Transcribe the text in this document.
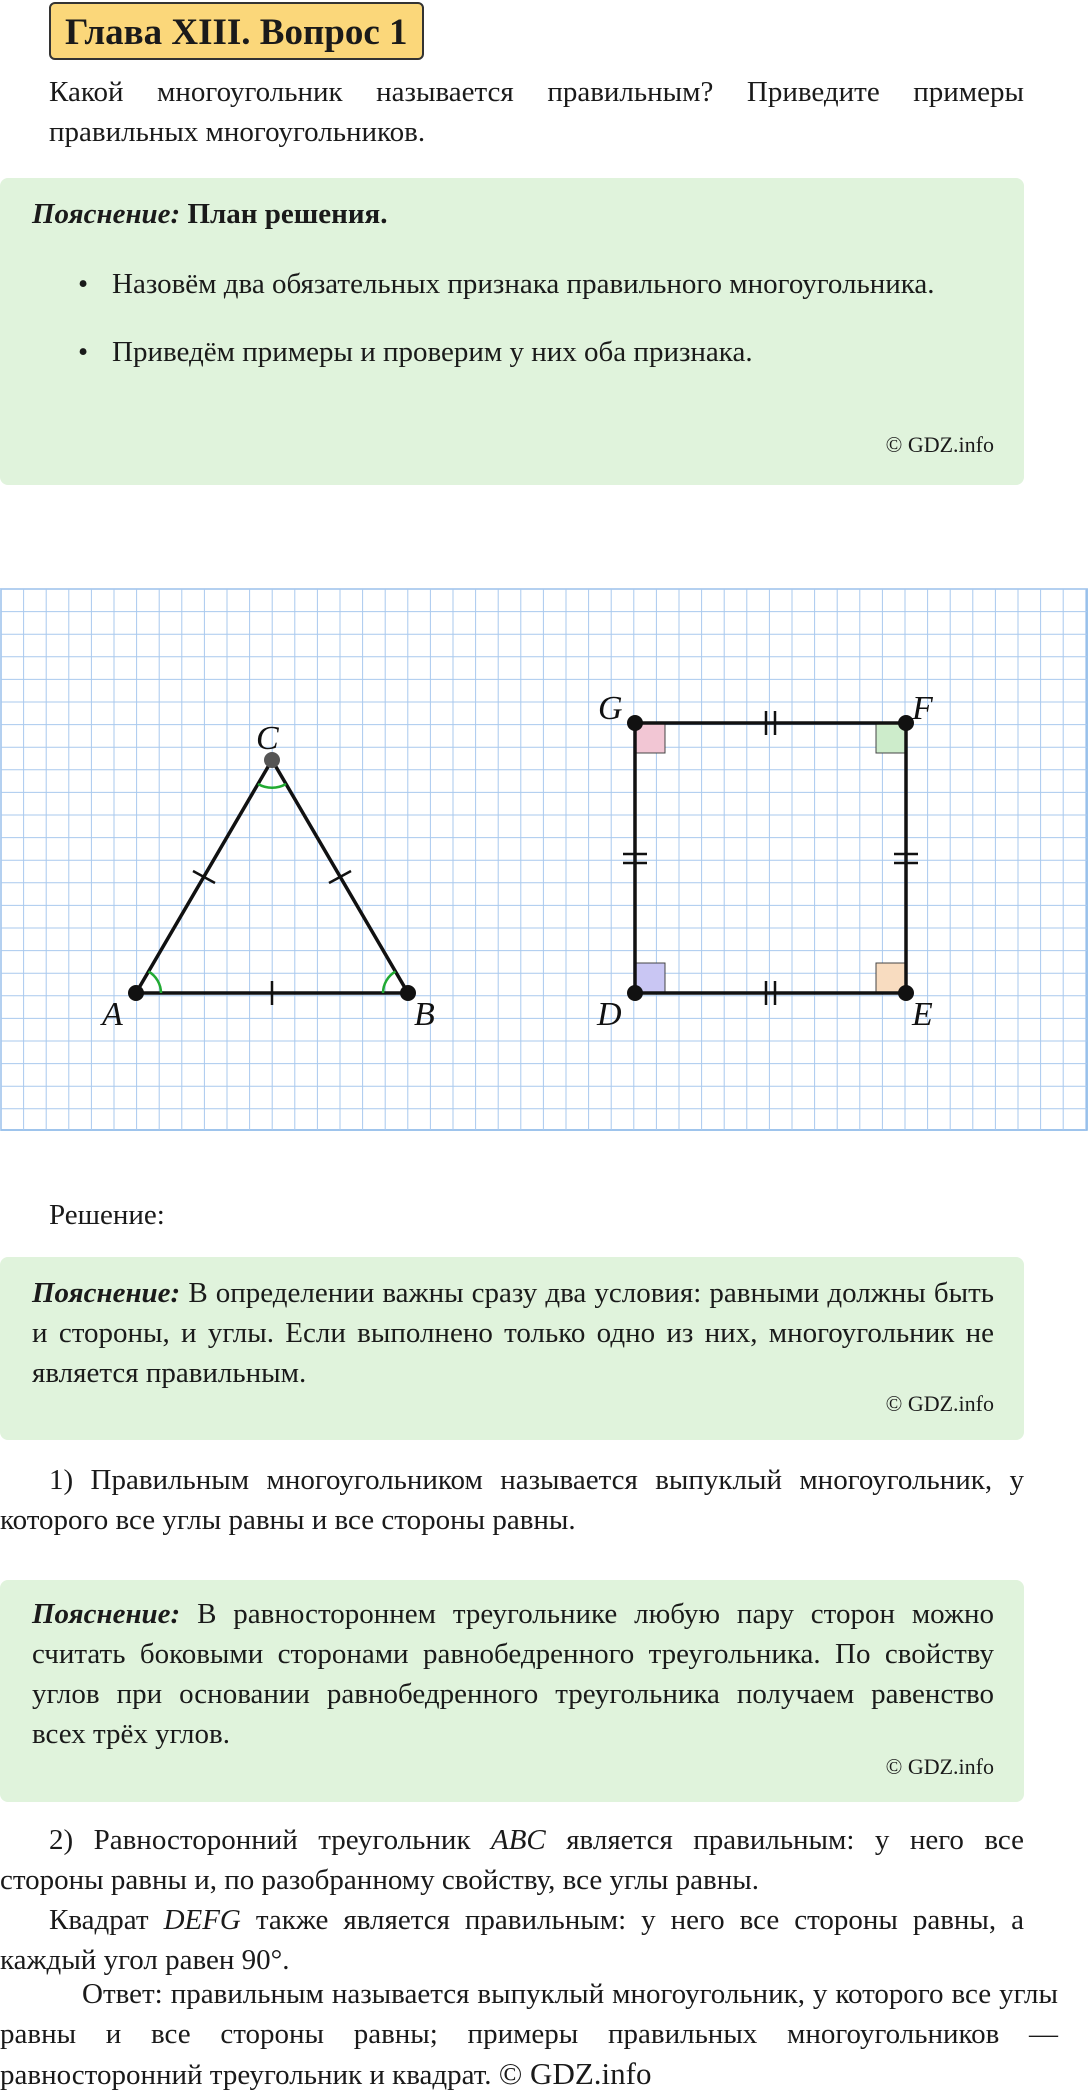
Глава XIII. Вопрос 1
Какой многоугольник называется правильным? Приведите примеры правильных многоугольников.
Пояснение: План решения.
• Назовём два обязательных признака правильного многоугольника.
• Приведём примеры и проверим у них оба признака.
© GDZ.info
A	B
C
D	E
F
G
Решение:
Пояснение: В определении важны сразу два условия: равными должны быть и стороны, и углы. Если выполнено только одно из них, многоугольник не является правильным.
© GDZ.info
1) Правильным многоугольником называется выпуклый многоугольник, у которого все углы равны и все стороны равны.
Пояснение: В равностороннем треугольнике любую пару сторон можно считать боковыми сторонами равнобедренного треугольника. По свойству углов при основании равнобедренного треугольника получаем равенство всех трёх углов.
© GDZ.info
2) Равносторонний треугольник ABC является правильным: у него все стороны равны и, по разобранному свойству, все углы равны.
Квадрат DEFG также является правильным: у него все стороны равны, а каждый угол равен 90°.
Ответ: правильным называется выпуклый многоугольник, у которого все углы равны и все стороны равны; примеры правильных многоугольников — равносторонний треугольник и квадрат. © GDZ.info
